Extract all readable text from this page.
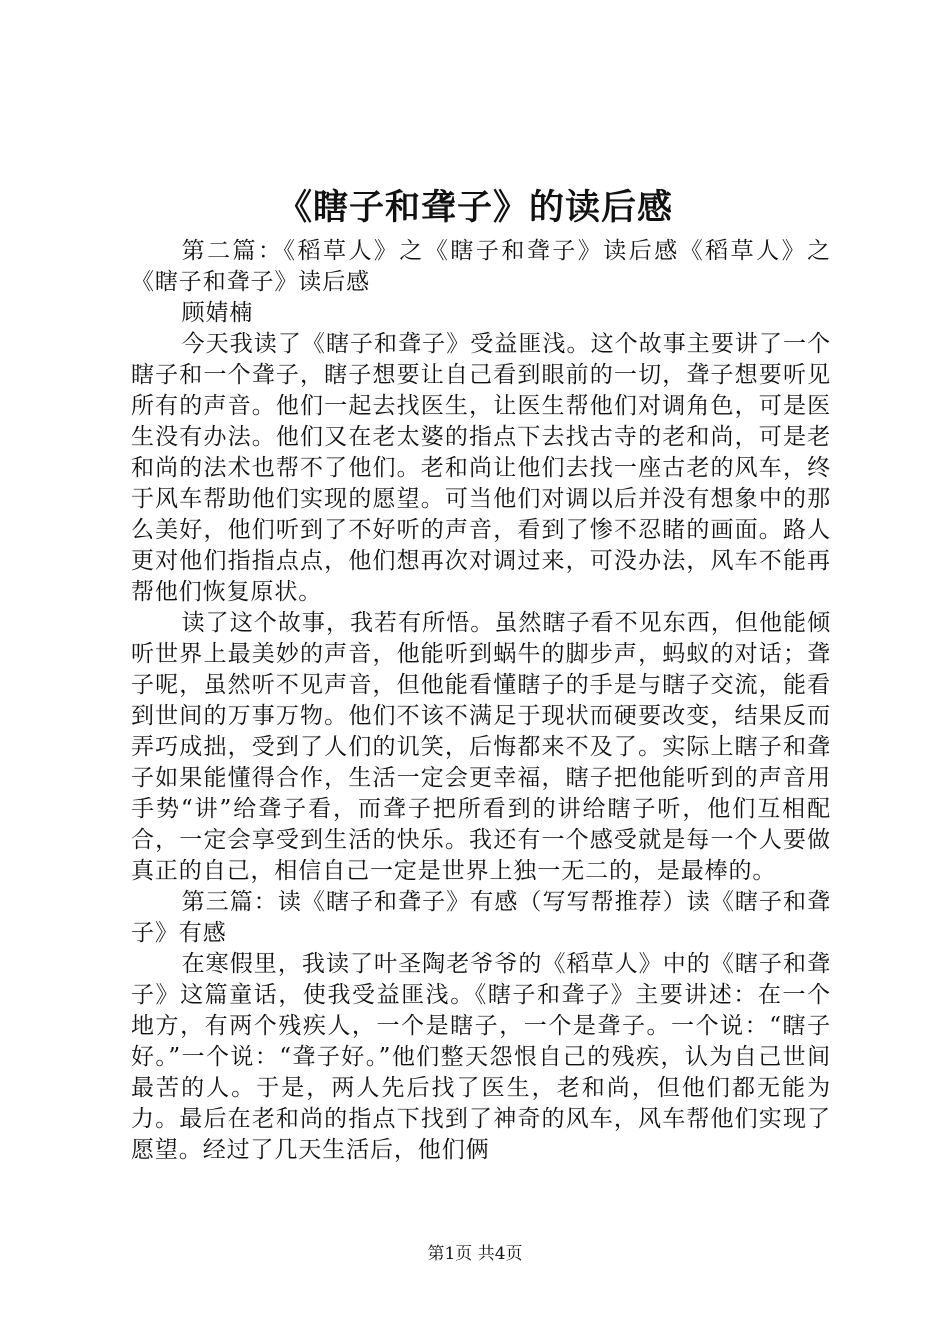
《瞎子和聋子》的读后感

第二篇：《稻草人》之《瞎子和聋子》读后感《稻草人》之《瞎子和聋子》读后感

顾婧楠

今天我读了《瞎子和聋子》受益匪浅。这个故事主要讲了一个瞎子和一个聋子，瞎子想要让自己看到眼前的一切，聋子想要听见所有的声音。他们一起去找医生，让医生帮他们对调角色，可是医生没有办法。他们又在老太婆的指点下去找古寺的老和尚，可是老和尚的法术也帮不了他们。老和尚让他们去找一座古老的风车，终于风车帮助他们实现的愿望。可当他们对调以后并没有想象中的那么美好，他们听到了不好听的声音，看到了惨不忍睹的画面。路人更对他们指指点点，他们想再次对调过来，可没办法，风车不能再帮他们恢复原状。

读了这个故事，我若有所悟。虽然瞎子看不见东西，但他能倾听世界上最美妙的声音，他能听到蜗牛的脚步声，蚂蚁的对话；聋子呢，虽然听不见声音，但他能看懂瞎子的手是与瞎子交流，能看到世间的万事万物。他们不该不满足于现状而硬要改变，结果反而弄巧成拙，受到了人们的讥笑，后悔都来不及了。实际上瞎子和聋子如果能懂得合作，生活一定会更幸福，瞎子把他能听到的声音用手势“讲”给聋子看，而聋子把所看到的讲给瞎子听，他们互相配合，一定会享受到生活的快乐。我还有一个感受就是每一个人要做真正的自己，相信自己一定是世界上独一无二的，是最棒的。

第三篇：读《瞎子和聋子》有感（写写帮推荐）读《瞎子和聋子》有感

在寒假里，我读了叶圣陶老爷爷的《稻草人》中的《瞎子和聋子》这篇童话，使我受益匪浅。《瞎子和聋子》主要讲述：在一个地方，有两个残疾人，一个是瞎子，一个是聋子。一个说：“瞎子好。”一个说：“聋子好。”他们整天怨恨自己的残疾，认为自己世间最苦的人。于是，两人先后找了医生，老和尚，但他们都无能为力。最后在老和尚的指点下找到了神奇的风车，风车帮他们实现了愿望。经过了几天生活后，他们俩

第1页 共4页
